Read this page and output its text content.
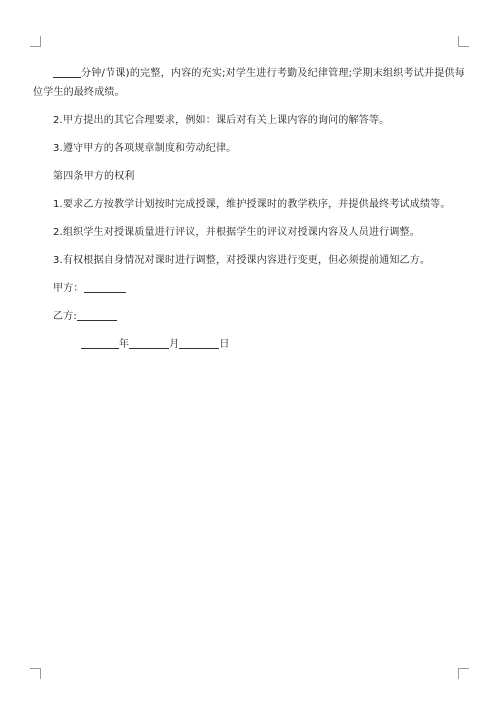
分钟/节课)的完整，内容的充实;对学生进行考勤及纪律管理;学期末组织考试并提供每位学生的最终成绩。

2.甲方提出的其它合理要求，例如：课后对有关上课内容的询问的解答等。

3.遵守甲方的各项规章制度和劳动纪律。

第四条甲方的权利

1.要求乙方按教学计划按时完成授课，维护授课时的教学秩序，并提供最终考试成绩等。

2.组织学生对授课质量进行评议，并根据学生的评议对授课内容及人员进行调整。

3.有权根据自身情况对课时进行调整，对授课内容进行变更，但必须提前通知乙方。

甲方：

乙方:

年	月	日
